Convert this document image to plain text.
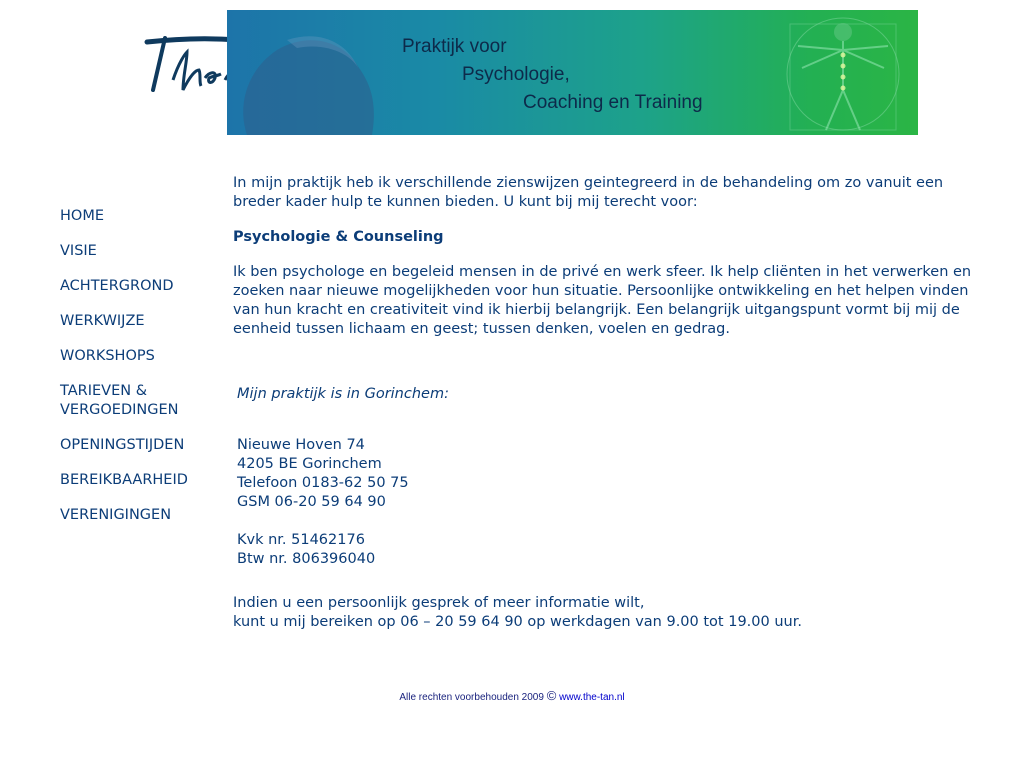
Praktijk voor
Psychologie,
Coaching en Training
HOME
VISIE
ACHTERGROND
WERKWIJZE
WORKSHOPS
TARIEVEN & VERGOEDINGEN
OPENINGSTIJDEN
BEREIKBAARHEID
VERENIGINGEN

In mijn praktijk heb ik verschillende zienswijzen geintegreerd in de behandeling om zo vanuit een breder kader hulp te kunnen bieden. U kunt bij mij terecht voor:

Psychologie & Counseling

Ik ben psychologe en begeleid mensen in de privé en werk sfeer. Ik help cliënten in het verwerken en zoeken naar nieuwe mogelijkheden voor hun situatie. Persoonlijke ontwikkeling en het helpen vinden van hun kracht en creativiteit vind ik hierbij belangrijk. Een belangrijk uitgangspunt vormt bij mij de eenheid tussen lichaam en geest; tussen denken, voelen en gedrag.

Mijn praktijk is in Gorinchem:
Nieuwe Hoven 74
4205 BE Gorinchem
Telefoon 0183-62 50 75
GSM 06-20 59 64 90
Kvk nr. 51462176
Btw nr. 806396040
Indien u een persoonlijk gesprek of meer informatie wilt,
kunt u mij bereiken op 06 – 20 59 64 90 op werkdagen van 9.00 tot 19.00 uur.
Alle rechten voorbehouden 2009 © www.the-tan.nl
